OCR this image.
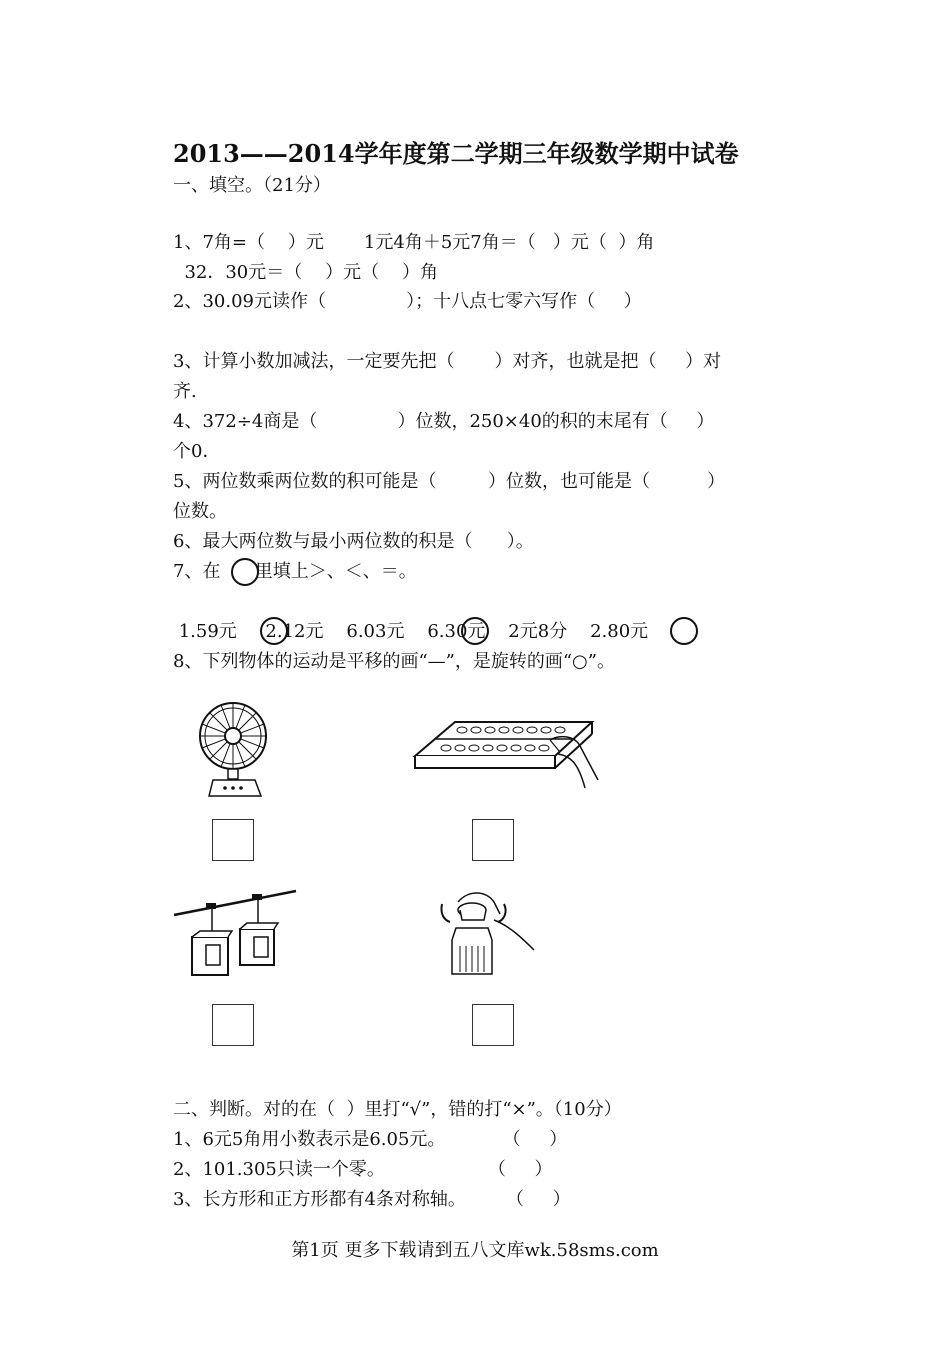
2013——2014学年度第二学期三年级数学期中试卷

一、填空。（21分）

1、7角=（    ）元       1元4角＋5元7角＝（   ）元（  ）角

32．30元＝（    ）元（    ）角

2、30.09元读作（              ）；十八点七零六写作（     ）

3、计算小数加减法，一定要先把（       ）对齐，也就是把（     ）对

齐.

4、372÷4商是（              ）位数，250×40的积的末尾有（     ）

个0．

5、两位数乘两位数的积可能是（         ）位数，也可能是（          ）

位数。

6、最大两位数与最小两位数的积是（      ）。

7、在      里填上＞、＜、＝。

1.59元     2.12元    6.03元    6.30元    2元8分    2.80元

8、下列物体的运动是平移的画“—”，是旋转的画“○”。

二、判断。对的在（  ）里打“√”，错的打“×”。（10分）

1、6元5角用小数表示是6.05元。          （     ）

2、101.305只读一个零。                  （     ）

3、长方形和正方形都有4条对称轴。       （     ）

第1页 更多下载请到五八文库wk.58sms.com
